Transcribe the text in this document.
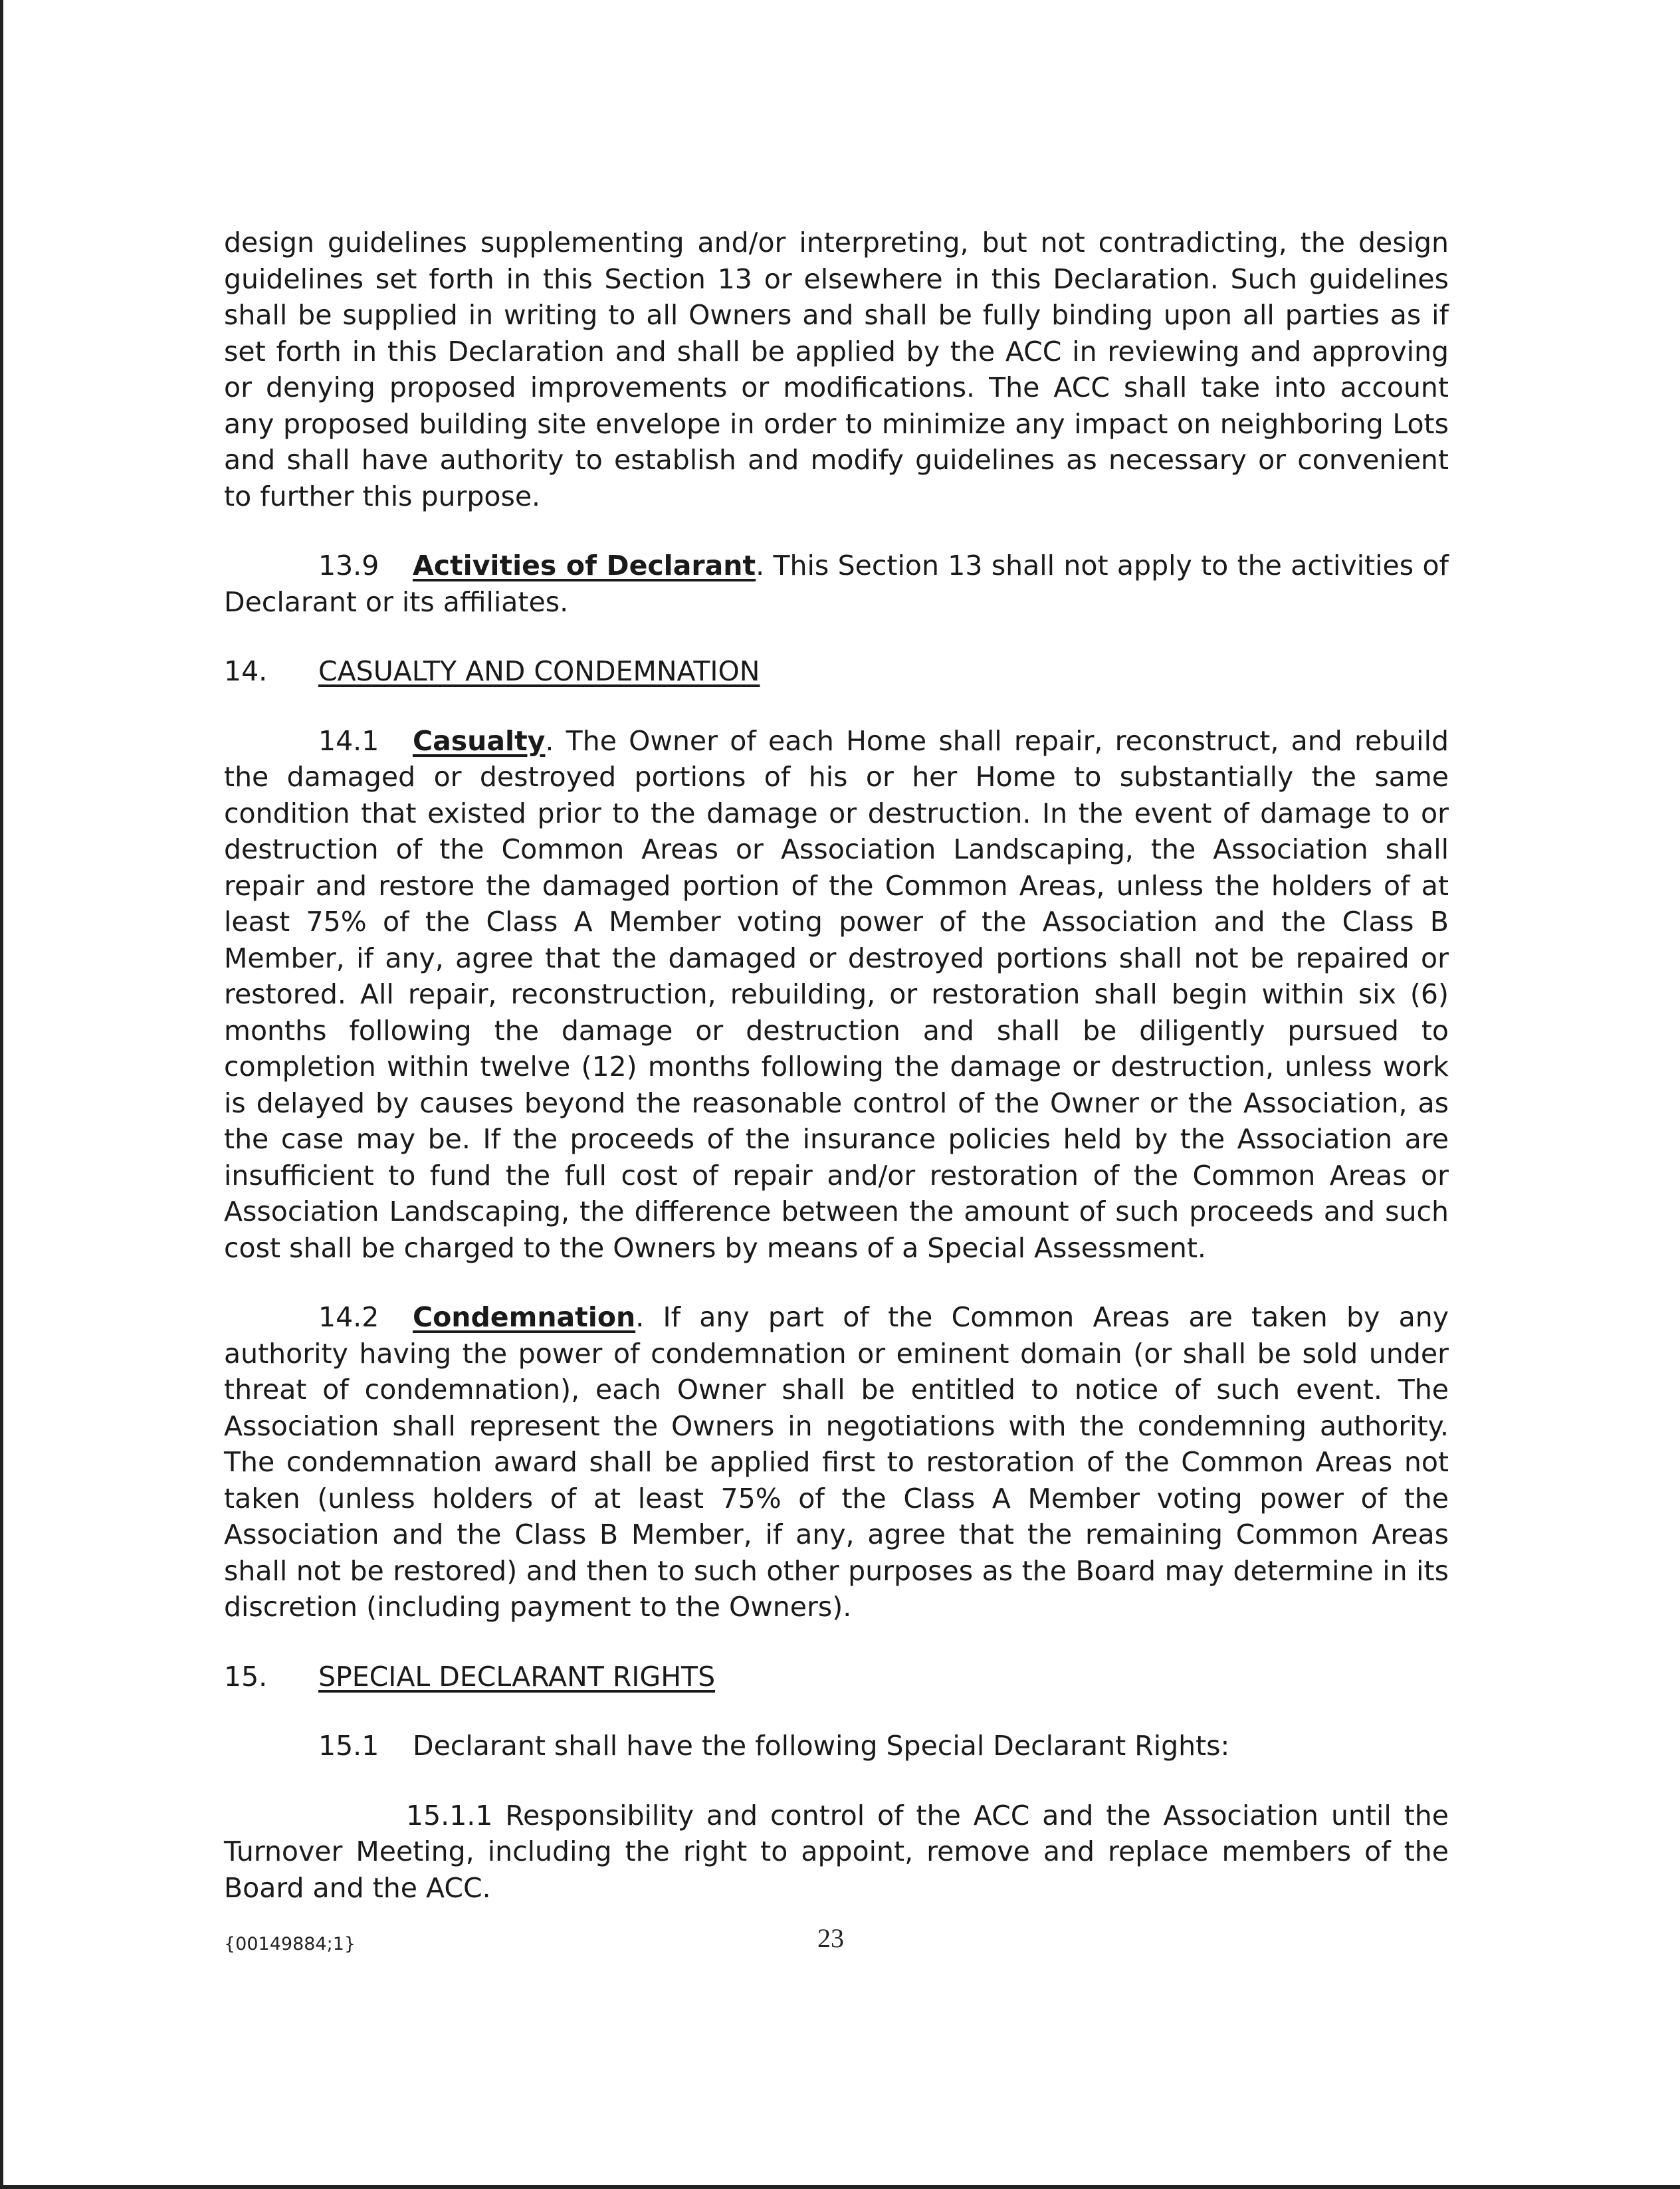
design guidelines supplementing and/or interpreting, but not contradicting, the design guidelines set forth in this Section 13 or elsewhere in this Declaration. Such guidelines shall be supplied in writing to all Owners and shall be fully binding upon all parties as if set forth in this Declaration and shall be applied by the ACC in reviewing and approving or denying proposed improvements or modifications. The ACC shall take into account any proposed building site envelope in order to minimize any impact on neighboring Lots and shall have authority to establish and modify guidelines as necessary or convenient to further this purpose.

13.9 Activities of Declarant. This Section 13 shall not apply to the activities of Declarant or its affiliates.

14. CASUALTY AND CONDEMNATION

14.1 Casualty. The Owner of each Home shall repair, reconstruct, and rebuild the damaged or destroyed portions of his or her Home to substantially the same condition that existed prior to the damage or destruction. In the event of damage to or destruction of the Common Areas or Association Landscaping, the Association shall repair and restore the damaged portion of the Common Areas, unless the holders of at least 75% of the Class A Member voting power of the Association and the Class B Member, if any, agree that the damaged or destroyed portions shall not be repaired or restored. All repair, reconstruction, rebuilding, or restoration shall begin within six (6) months following the damage or destruction and shall be diligently pursued to completion within twelve (12) months following the damage or destruction, unless work is delayed by causes beyond the reasonable control of the Owner or the Association, as the case may be. If the proceeds of the insurance policies held by the Association are insufficient to fund the full cost of repair and/or restoration of the Common Areas or Association Landscaping, the difference between the amount of such proceeds and such cost shall be charged to the Owners by means of a Special Assessment.

14.2 Condemnation. If any part of the Common Areas are taken by any authority having the power of condemnation or eminent domain (or shall be sold under threat of condemnation), each Owner shall be entitled to notice of such event. The Association shall represent the Owners in negotiations with the condemning authority. The condemnation award shall be applied first to restoration of the Common Areas not taken (unless holders of at least 75% of the Class A Member voting power of the Association and the Class B Member, if any, agree that the remaining Common Areas shall not be restored) and then to such other purposes as the Board may determine in its discretion (including payment to the Owners).

15. SPECIAL DECLARANT RIGHTS

15.1 Declarant shall have the following Special Declarant Rights:

15.1.1 Responsibility and control of the ACC and the Association until the Turnover Meeting, including the right to appoint, remove and replace members of the Board and the ACC.

{00149884;1}	23
